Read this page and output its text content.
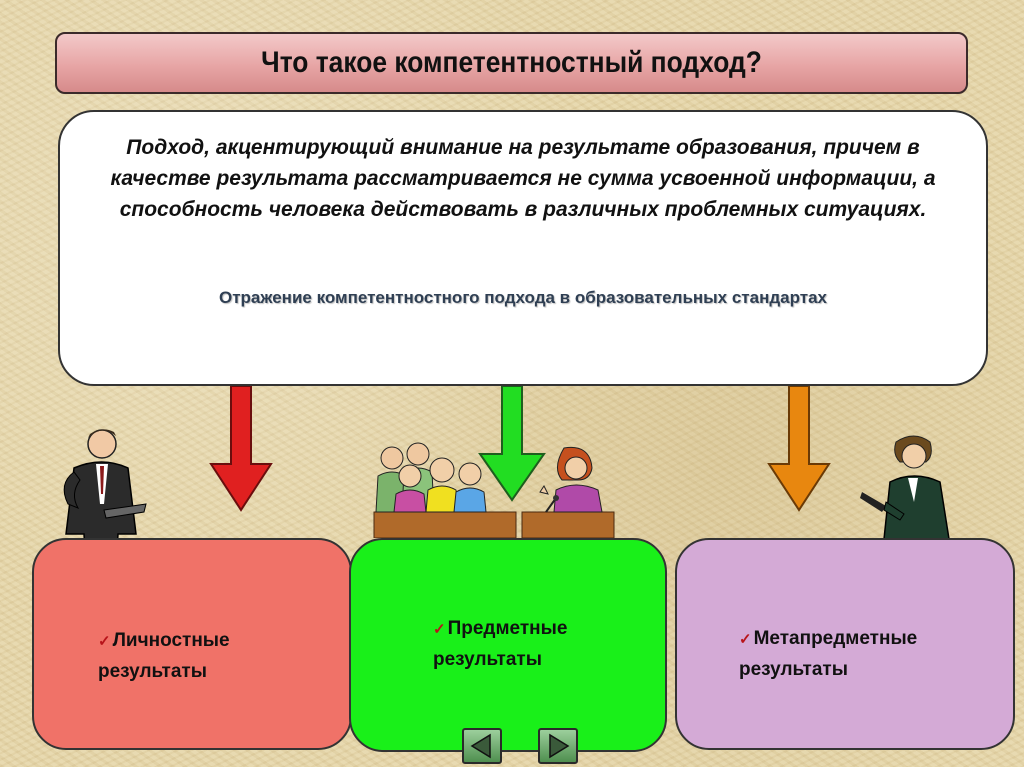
Что такое компетентностный подход?
Подход, акцентирующий внимание на результате образования, причем в качестве результата рассматривается не сумма усвоенной информации, а способность человека действовать в различных проблемных ситуациях.
Отражение компетентностного подхода в образовательных стандартах
✓ Личностные
результаты
✓ Предметные
результаты
✓ Метапредметные
результаты
